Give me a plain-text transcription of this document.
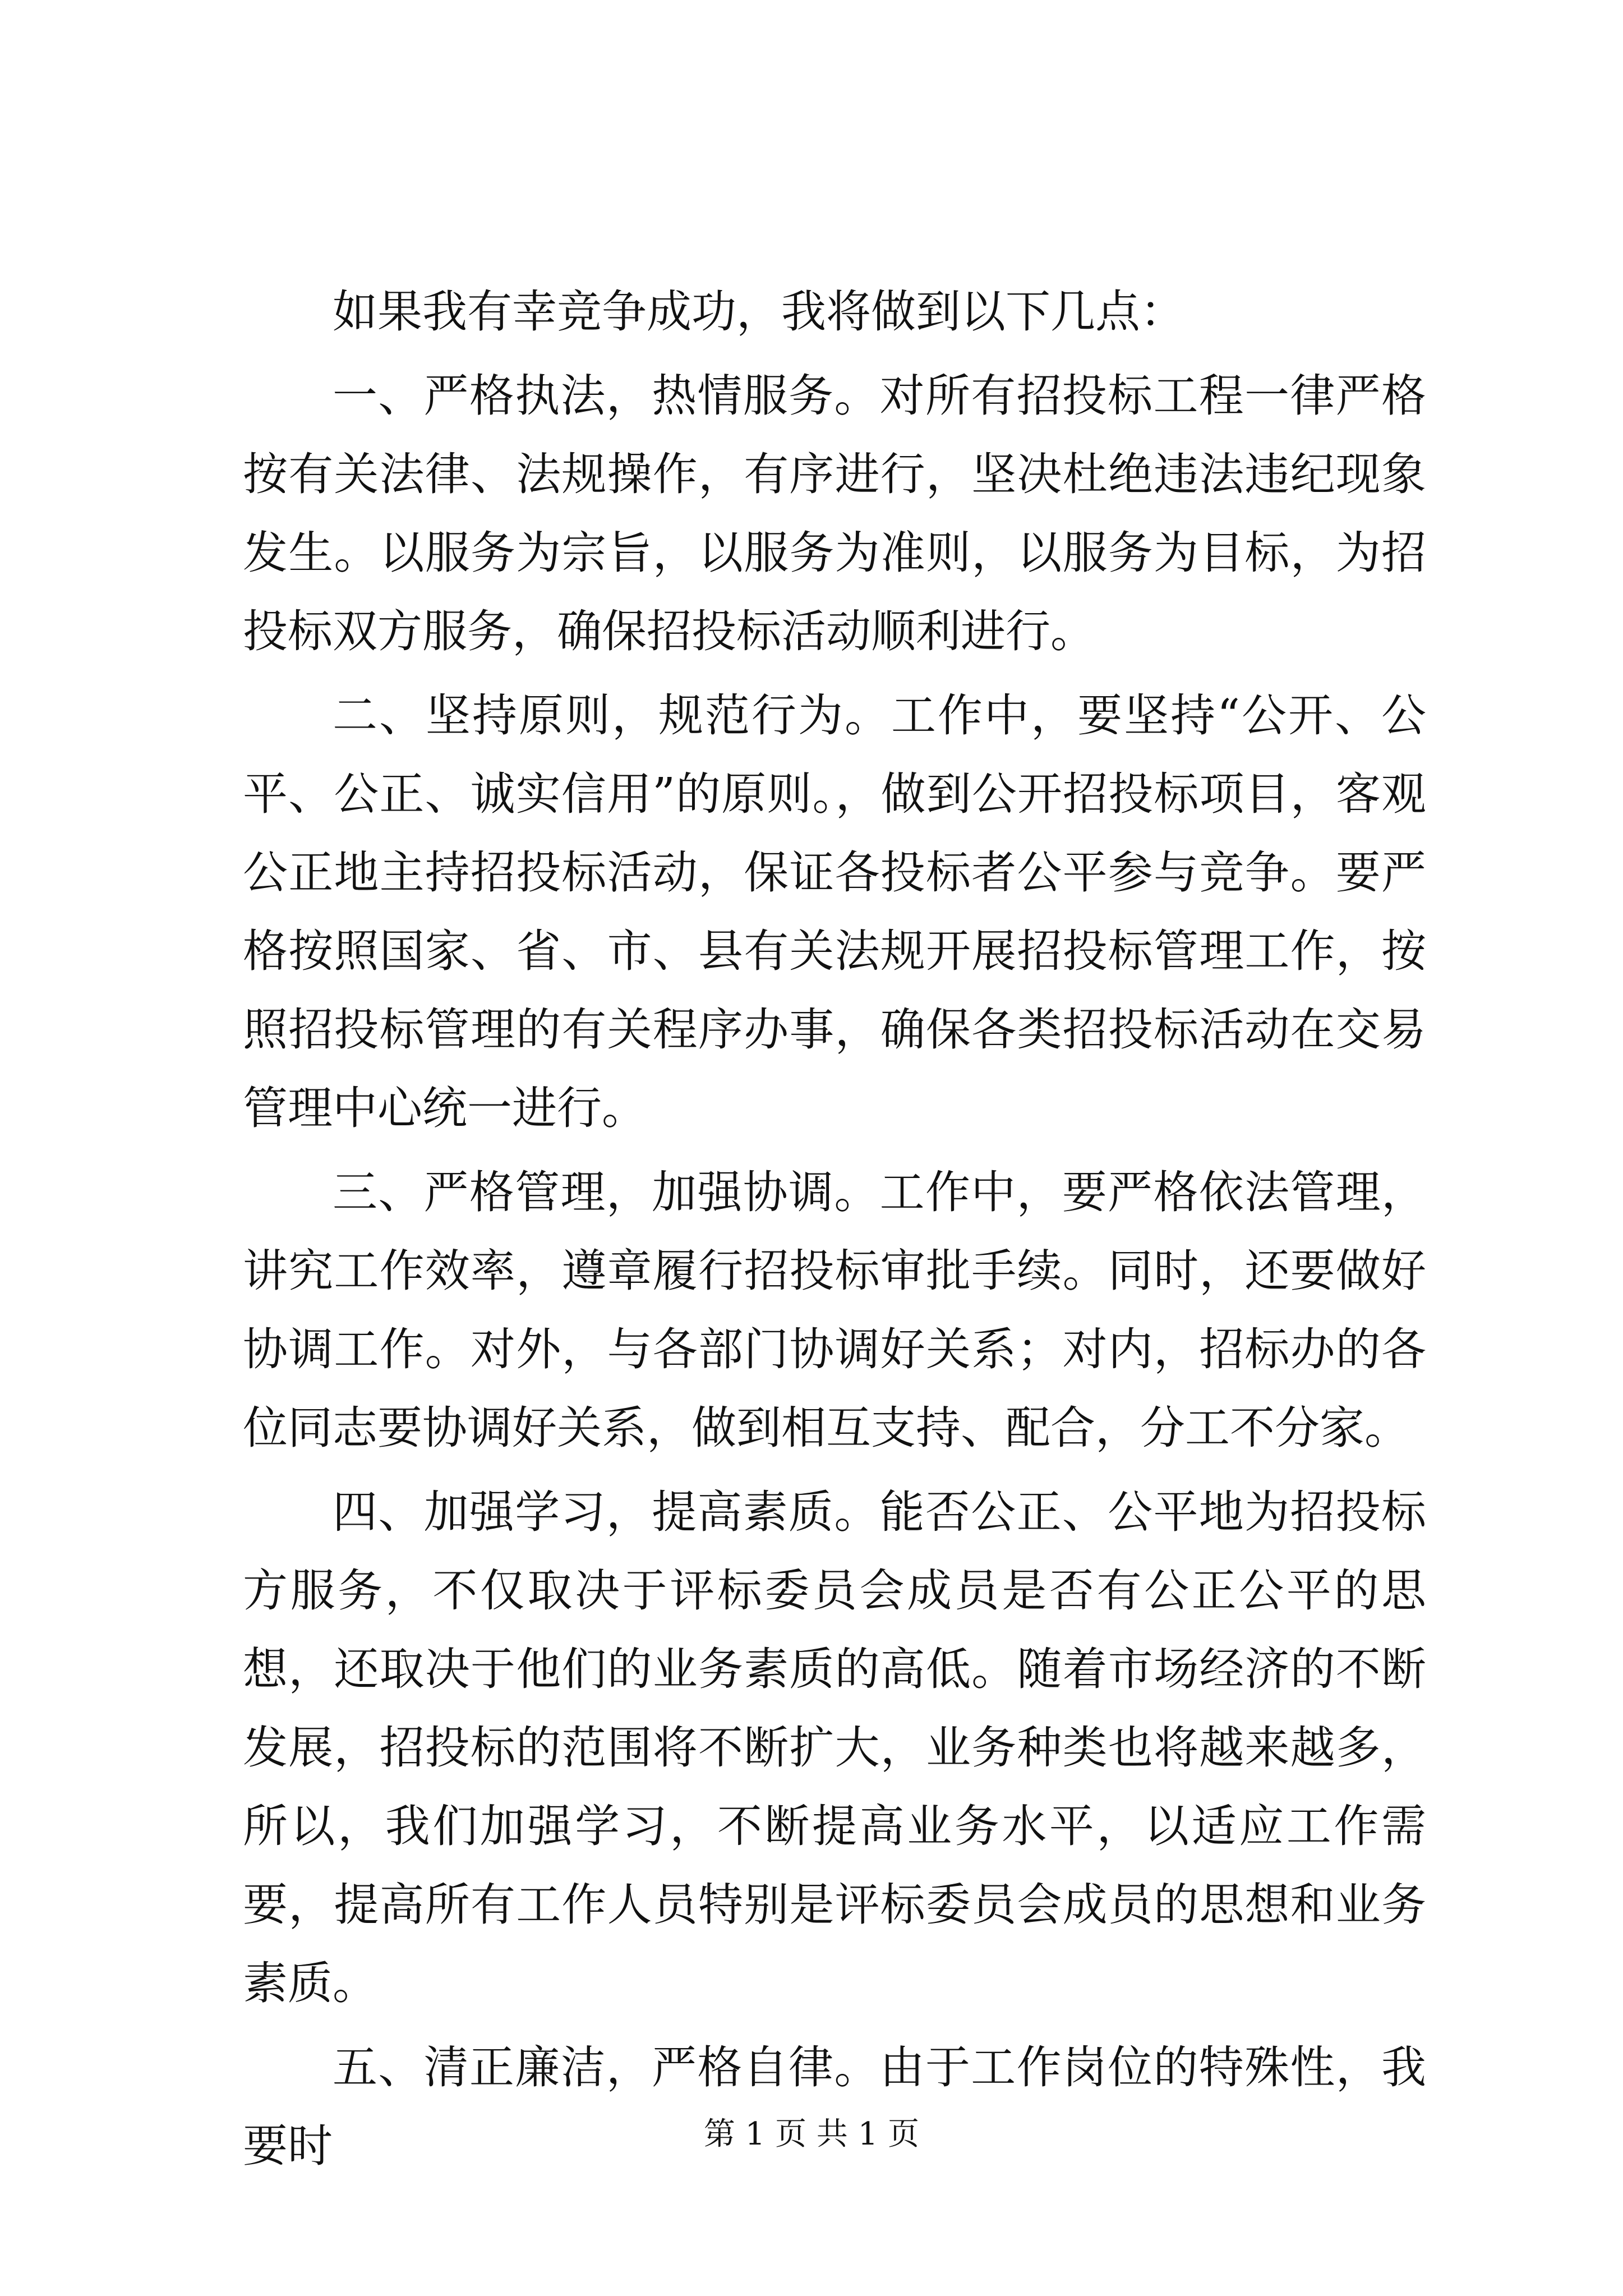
如果我有幸竞争成功，我将做到以下几点：

一、严格执法，热情服务。对所有招投标工程一律严格按有关法律、法规操作，有序进行，坚决杜绝违法违纪现象发生。以服务为宗旨，以服务为准则，以服务为目标，为招投标双方服务，确保招投标活动顺利进行。

二、坚持原则，规范行为。工作中，要坚持“公开、公平、公正、诚实信用”的原则。，做到公开招投标项目，客观公正地主持招投标活动，保证各投标者公平参与竞争。要严格按照国家、省、市、县有关法规开展招投标管理工作，按照招投标管理的有关程序办事，确保各类招投标活动在交易管理中心统一进行。

三、严格管理，加强协调。工作中，要严格依法管理，讲究工作效率，遵章履行招投标审批手续。同时，还要做好协调工作。对外，与各部门协调好关系；对内，招标办的各位同志要协调好关系，做到相互支持、配合，分工不分家。

四、加强学习，提高素质。能否公正、公平地为招投标方服务，不仅取决于评标委员会成员是否有公正公平的思想，还取决于他们的业务素质的高低。随着市场经济的不断发展，招投标的范围将不断扩大，业务种类也将越来越多，所以，我们加强学习，不断提高业务水平，以适应工作需要，提高所有工作人员特别是评标委员会成员的思想和业务素质。

五、清正廉洁，严格自律。由于工作岗位的特殊性，我要时	第 1 页 共 1 页
